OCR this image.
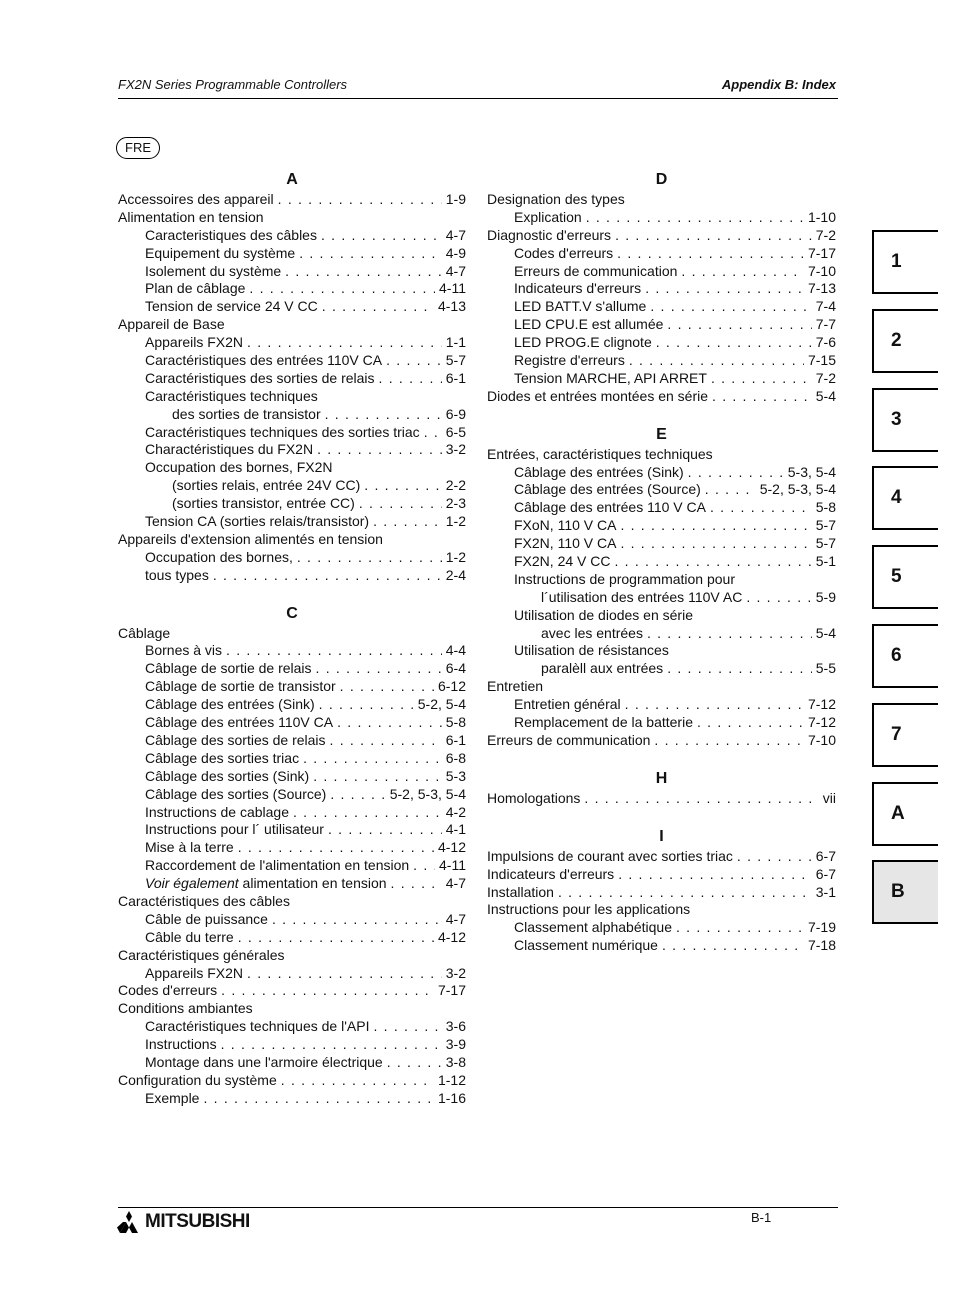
FX2N Series Programmable Controllers	Appendix B: Index
FRE
A
Accessoires des appareil . . .	1-9
Alimentation en tension
Caracteristiques des câbles . . .	4-7
Equipement du système . . .	4-9
Isolement du système . . .	4-7
Plan de câblage . . .	4-11
Tension de service 24 V CC . . .	4-13
Appareil de Base
Appareils FX2N . . .	1-1
Caractéristiques des entrées 110V CA . . .	5-7
Caractéristiques des sorties de relais . . .	6-1
Caractéristiques techniques
des sorties de transistor . . .	6-9
Caractéristiques techniques des sorties triac . . . 6-5
Charactéristiques du FX2N . . .	3-2
Occupation des bornes, FX2N
(sorties relais, entrée 24V CC) . . .	2-2
(sorties transistor, entrée CC) . . .	2-3
Tension CA (sorties relais/transistor) . . .	1-2
Appareils d'extension alimentés en tension
Occupation des bornes, . . .	1-2
tous types . . .	2-4
C
Câblage
Bornes à vis . . .	4-4
Câblage de sortie de relais . . .	6-4
Câblage de sortie de transistor . . .	6-12
Câblage des entrées (Sink) . . .	5-2, 5-4
Câblage des entrées 110V CA . . .	5-8
Câblage des sorties de relais . . .	6-1
Câblage des sorties triac . . .	6-8
Câblage des sorties (Sink) . . .	5-3
Câblage des sorties (Source) . . .	5-2, 5-3, 5-4
Instructions de cablage . . .	4-2
Instructions pour l´ utilisateur . . .	4-1
Mise à la terre . . .	4-12
Raccordement de l'alimentation en tension . . . 4-11
Voir également alimentation en tension . . .	4-7
Caractéristiques des câbles
Câble de puissance . . .	4-7
Câble du terre . . .	4-12
Caractéristiques générales
Appareils FX2N . . .	3-2
Codes d'erreurs . . .	7-17
Conditions ambiantes
Caractéristiques techniques de l'API . . .	3-6
Instructions . . .	3-9
Montage dans une l'armoire électrique . . .	3-8
Configuration du système . . .	1-12
Exemple . . .	1-16
D
Designation des types
Explication . . .	1-10
Diagnostic d'erreurs . . .	7-2
Codes d'erreurs . . .	7-17
Erreurs de communication . . .	7-10
Indicateurs d'erreurs . . .	7-13
LED BATT.V s'allume . . .	7-4
LED CPU.E est allumée . . .	7-7
LED PROG.E clignote . . .	7-6
Registre d'erreurs . . .	7-15
Tension MARCHE, API ARRET . . .	7-2
Diodes et entrées montées en série . . .	5-4
E
Entrées, caractéristiques techniques
Câblage des entrées (Sink) . . .	5-3, 5-4
Câblage des entrées (Source) . . .	5-2, 5-3, 5-4
Câblage des entrées 110 V CA . . .	5-8
FXoN, 110 V CA . . .	5-7
FX2N, 110 V CA . . .	5-7
FX2N, 24 V CC . . .	5-1
Instructions de programmation pour
l´utilisation des entrées 110V AC . . .	5-9
Utilisation de diodes en série
avec les entrées . . .	5-4
Utilisation de résistances
paralèll aux entrées . . .	5-5
Entretien
Entretien général . . .	7-12
Remplacement de la batterie . . .	7-12
Erreurs de communication . . .	7-10
H
Homologations . . .	vii
I
Impulsions de courant avec sorties triac . . .	6-7
Indicateurs d'erreurs . . .	6-7
Installation . . .	3-1
Instructions pour les applications
Classement alphabétique . . .	7-19
Classement numérique . . .	7-18
1
2
3
4
5
6
7
A
B
MITSUBISHI	B-1
